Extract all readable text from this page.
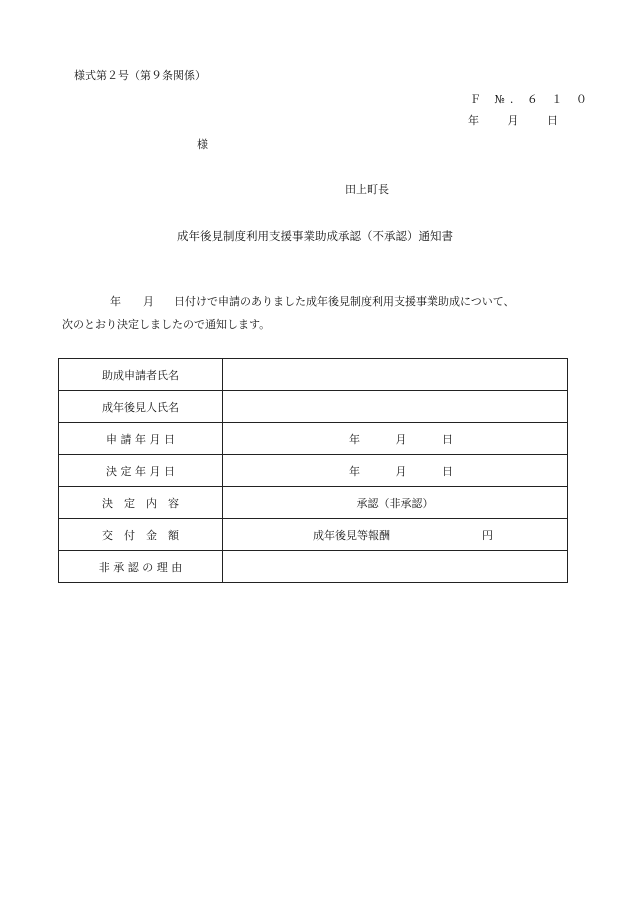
様式第２号（第９条関係）
Ｆ №. ６ １ ０
年	月	日
様
田上町長
成年後見制度利用支援事業助成承認（不承認）通知書
年 月 日付けで申請のありました成年後見制度利用支援事業助成について、
次のとおり決定しましたので通知します。
助成申請者氏名	
成年後見人氏名	
申 請 年 月 日	年 月 日

決 定 年 月 日	年 月 日

決　定　内　容	承認（非承認）
交　付　金　額	成年後見等報酬 円

非 承 認 の 理 由	
